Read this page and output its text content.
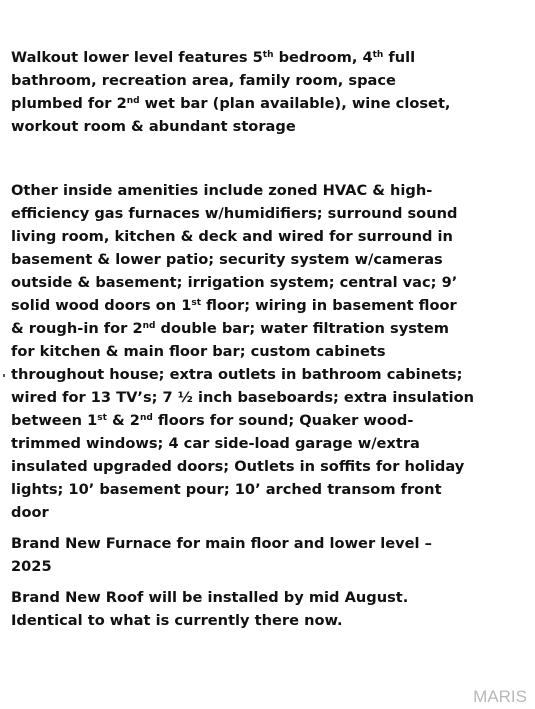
Walkout lower level features 5th bedroom, 4th full
bathroom, recreation area, family room, space
plumbed for 2nd wet bar (plan available), wine closet,
workout room & abundant storage
Other inside amenities include zoned HVAC & high-
efficiency gas furnaces w/humidifiers; surround sound
living room, kitchen & deck and wired for surround in
basement & lower patio; security system w/cameras
outside & basement; irrigation system; central vac; 9’
solid wood doors on 1st floor; wiring in basement floor
& rough-in for 2nd double bar; water filtration system
for kitchen & main floor bar; custom cabinets
throughout house; extra outlets in bathroom cabinets;
wired for 13 TV’s; 7 ½ inch baseboards; extra insulation
between 1st & 2nd floors for sound; Quaker wood-
trimmed windows; 4 car side-load garage w/extra
insulated upgraded doors; Outlets in soffits for holiday
lights; 10’ basement pour; 10’ arched transom front
door
Brand New Furnace for main floor and lower level –
2025
Brand New Roof will be installed by mid August.
Identical to what is currently there now.
MARIS
